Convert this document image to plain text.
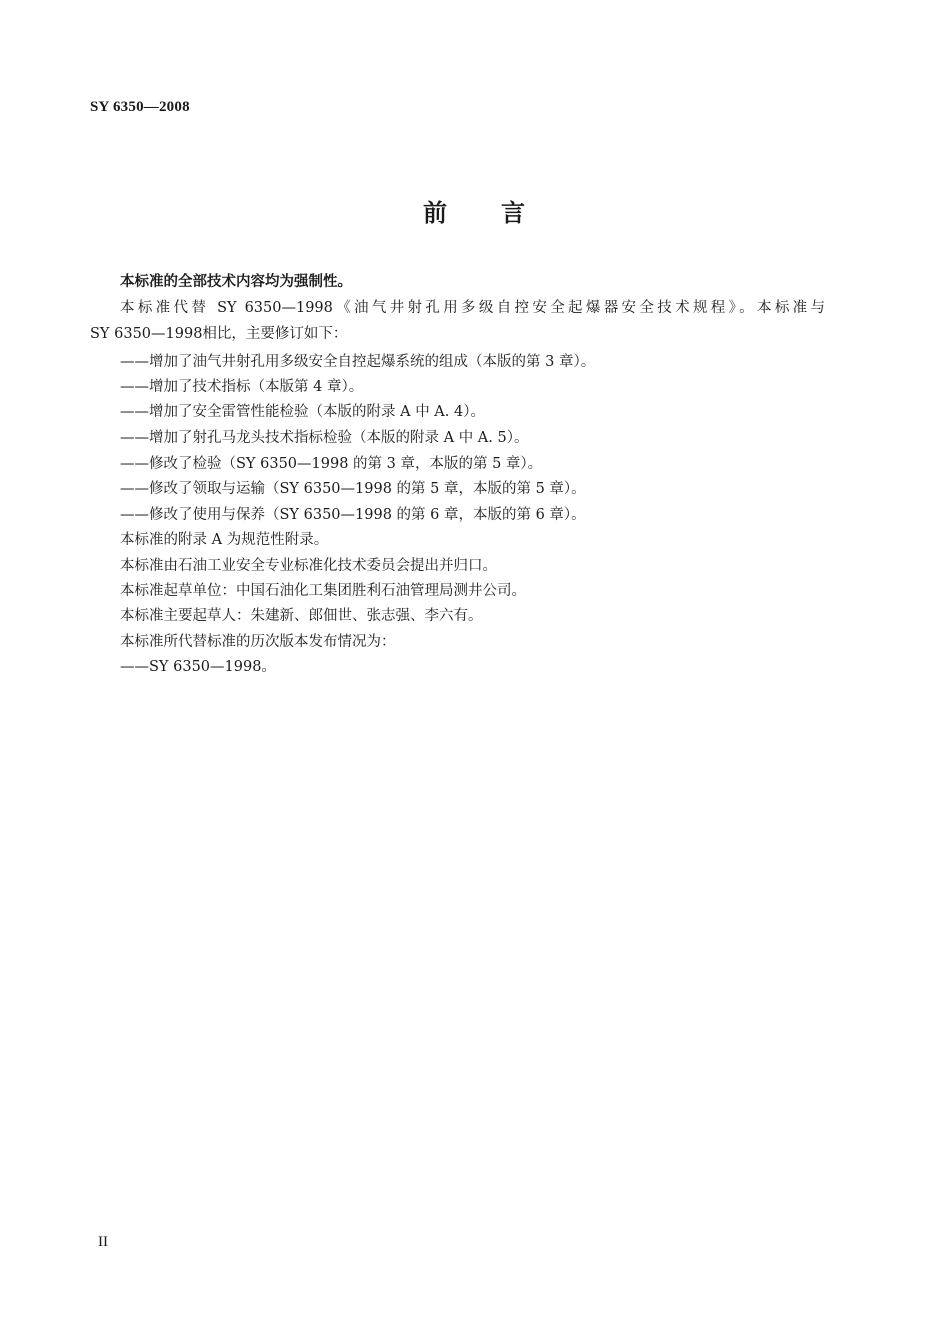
SY 6350—2008
前 言
本标准的全部技术内容均为强制性。
本标准代替 SY 6350—1998《油气井射孔用多级自控安全起爆器安全技术规程》。本标准与
SY 6350—1998相比，主要修订如下：
——增加了油气井射孔用多级安全自控起爆系统的组成（本版的第 3 章）。
——增加了技术指标（本版第 4 章）。
——增加了安全雷管性能检验（本版的附录 A 中 A. 4）。
——增加了射孔马龙头技术指标检验（本版的附录 A 中 A. 5）。
——修改了检验（SY 6350—1998 的第 3 章，本版的第 5 章）。
——修改了领取与运输（SY 6350—1998 的第 5 章，本版的第 5 章）。
——修改了使用与保养（SY 6350—1998 的第 6 章，本版的第 6 章）。
本标准的附录 A 为规范性附录。
本标准由石油工业安全专业标准化技术委员会提出并归口。
本标准起草单位：中国石油化工集团胜利石油管理局测井公司。
本标准主要起草人：朱建新、郎佃世、张志强、李六有。
本标准所代替标准的历次版本发布情况为：
——SY 6350—1998。
II
